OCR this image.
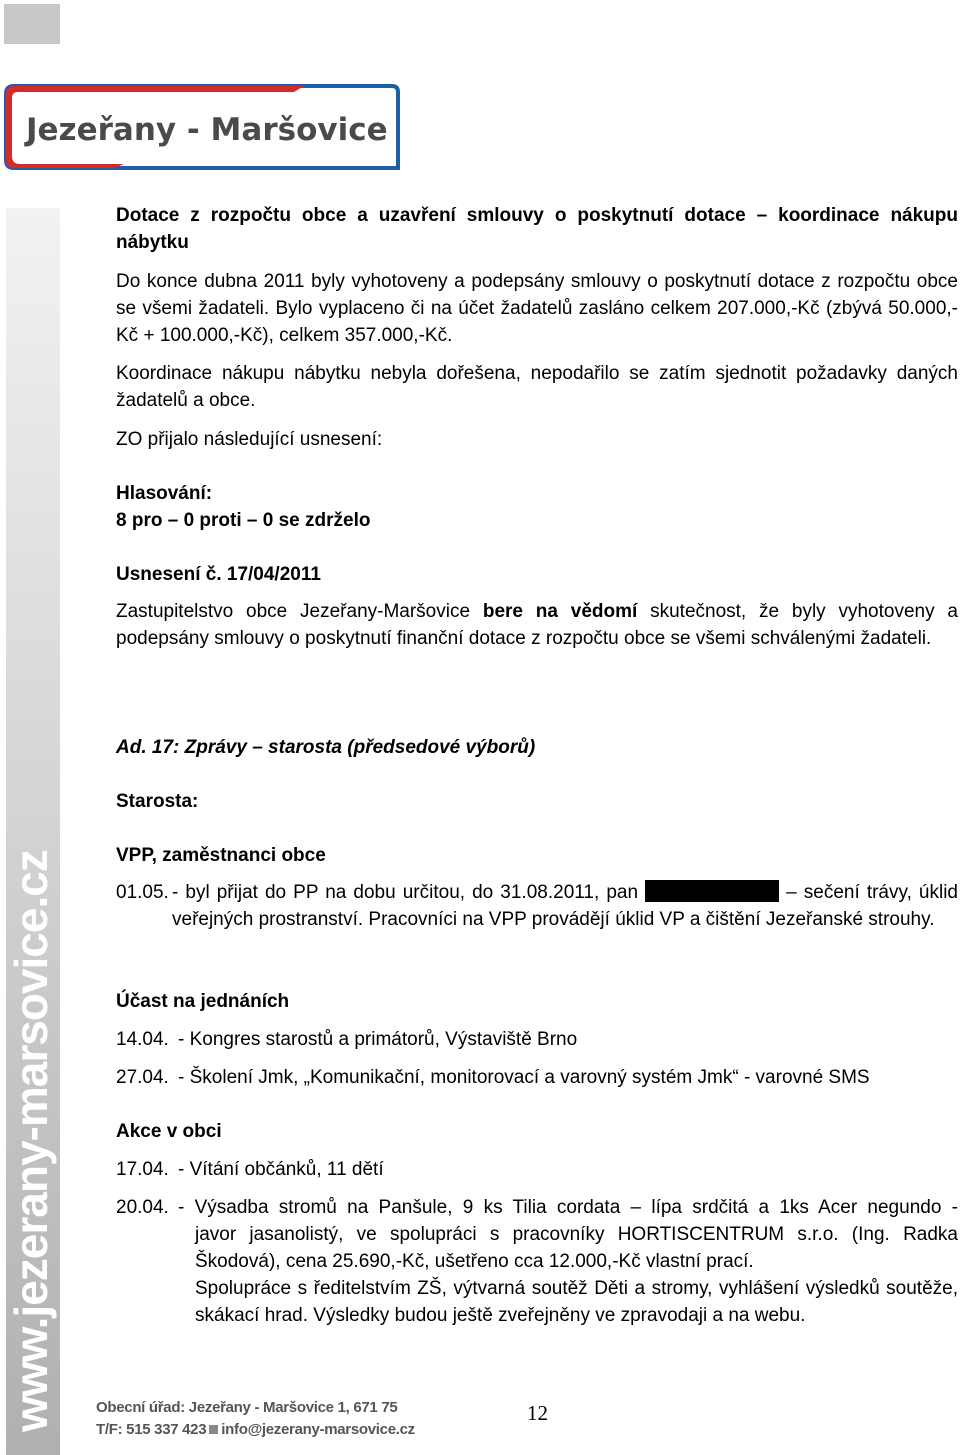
Jezeřany - Maršovice
www.jezerany-marsovice.cz

Dotace z rozpočtu obce a uzavření smlouvy o poskytnutí dotace – koordinace nákupu nábytku

Do konce dubna 2011 byly vyhotoveny a podepsány smlouvy o poskytnutí dotace z rozpočtu obce se všemi žadateli. Bylo vyplaceno či na účet žadatelů zasláno celkem 207.000,-Kč (zbývá 50.000,-Kč + 100.000,-Kč), celkem 357.000,-Kč.

Koordinace nákupu nábytku nebyla dořešena, nepodařilo se zatím sjednotit požadavky daných žadatelů a obce.

ZO přijalo následující usnesení:

Hlasování:

8 pro – 0 proti – 0 se zdrželo

Usnesení č. 17/04/2011

Zastupitelstvo obce Jezeřany-Maršovice bere na vědomí skutečnost, že byly vyhotoveny a podepsány smlouvy o poskytnutí finanční dotace z rozpočtu obce se všemi schválenými žadateli.

Ad. 17: Zprávy – starosta (předsedové výborů)

Starosta:

VPP, zaměstnanci obce

01.05. - byl přijat do PP na dobu určitou, do 31.08.2011, pan	– sečení trávy, úklid veřejných prostranství. Pracovníci na VPP provádějí úklid VP a čištění Jezeřanské strouhy.

Účast na jednáních

14.04. - Kongres starostů a primátorů, Výstaviště Brno
27.04. - Školení Jmk, „Komunikační, monitorovací a varovný systém Jmk“ - varovné SMS

Akce v obci

17.04. - Vítání občánků, 11 dětí
20.04. - Výsadba stromů na Panšule, 9 ks Tilia cordata – lípa srdčitá a 1ks Acer negundo -
javor jasanolistý, ve spolupráci s pracovníky HORTISCENTRUM s.r.o. (Ing. Radka Škodová), cena 25.690,-Kč, ušetřeno cca 12.000,-Kč vlastní prací.
Spolupráce s ředitelstvím ZŠ, výtvarná soutěž Děti a stromy, vyhlášení výsledků soutěže, skákací hrad. Výsledky budou ještě zveřejněny ve zpravodaji a na webu.
Obecní úřad: Jezeřany - Maršovice 1, 671 75
T/F: 515 337 423 info@jezerany-marsovice.cz
12
